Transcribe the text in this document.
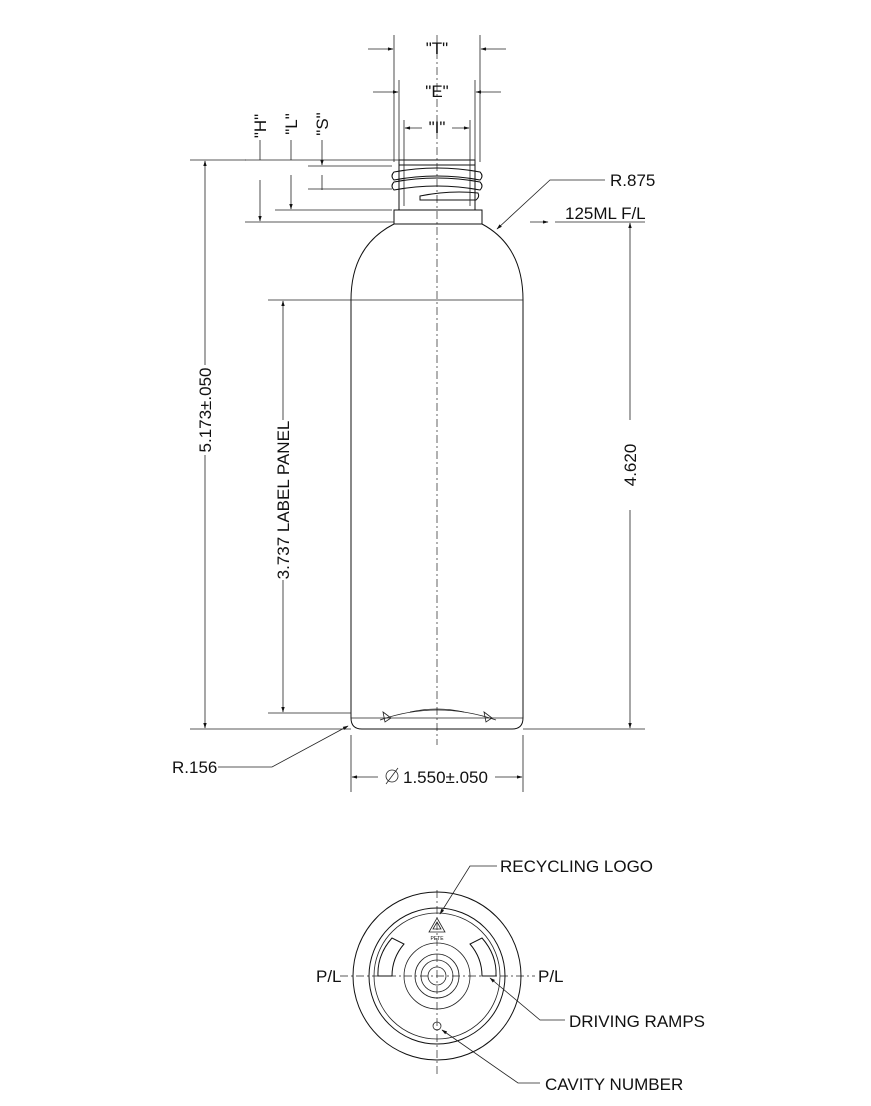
"T"
"E"
"I"
"H" "L" "S"
5.173±.050
3.737 LABEL PANEL	4.620
125ML F/L
R.875
R.156
1.550±.050
PETE
RECYCLING LOGO
P/L	P/L
DRIVING RAMPS
CAVITY NUMBER
